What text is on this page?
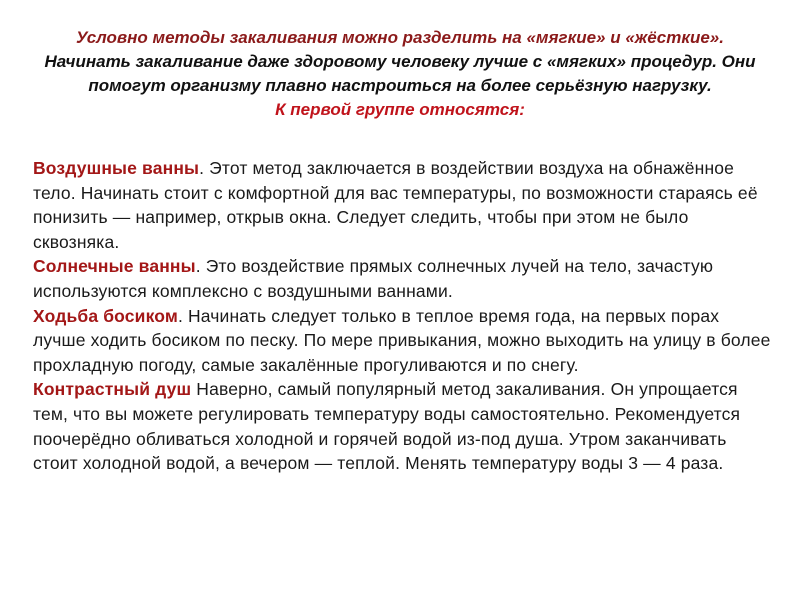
Условно методы закаливания можно разделить на «мягкие» и «жёсткие». Начинать закаливание даже здоровому человеку лучше с «мягких» процедур. Они помогут организму плавно настроиться на более серьёзную нагрузку.
К первой группе относятся:

Воздушные ванны. Этот метод заключается в воздействии воздуха на обнажённое тело. Начинать стоит с комфортной для вас температуры, по возможности стараясь её понизить — например, открыв окна. Следует следить, чтобы при этом не было сквозняка.

Солнечные ванны. Это воздействие прямых солнечных лучей на тело, зачастую используются комплексно с воздушными ваннами.

Ходьба босиком. Начинать следует только в теплое время года, на первых порах лучше ходить босиком по песку. По мере привыкания, можно выходить на улицу в более прохладную погоду, самые закалённые прогуливаются и по снегу.

Контрастный душ Наверно, самый популярный метод закаливания. Он упрощается тем, что вы можете регулировать температуру воды самостоятельно. Рекомендуется поочерёдно обливаться холодной и горячей водой из-под душа. Утром заканчивать стоит холодной водой, а вечером — теплой. Менять температуру воды 3 — 4 раза.
